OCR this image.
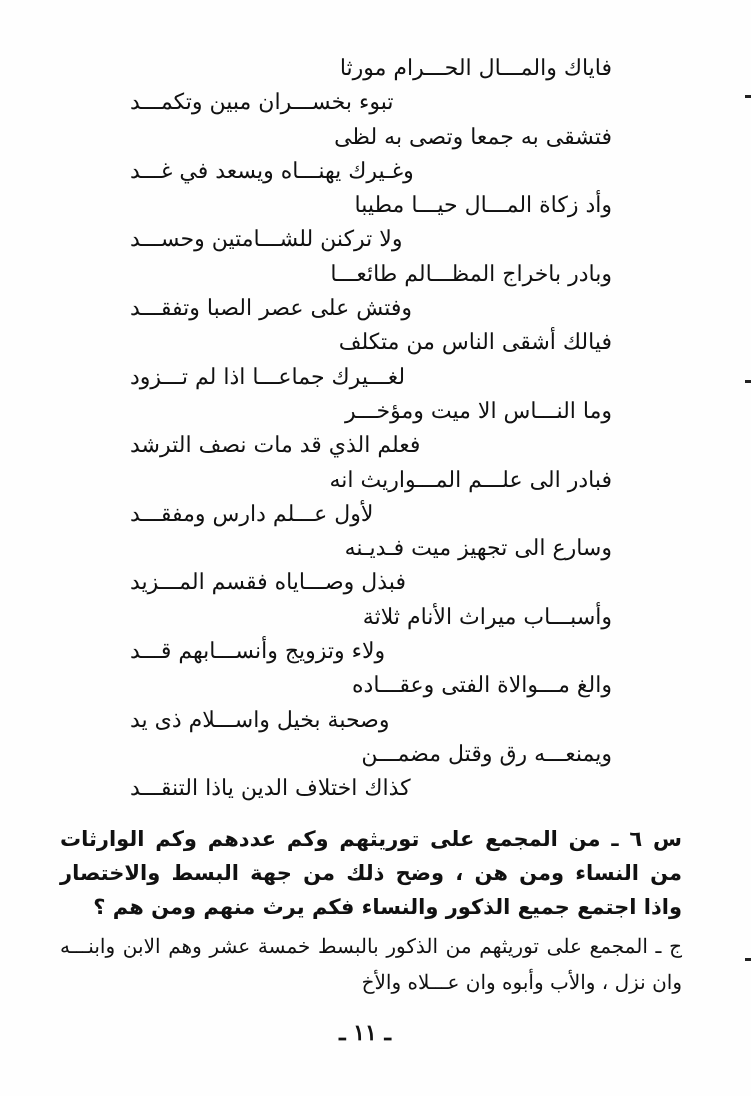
فاياك والمـــال الحـــرام مورثا
تبوء بخســـران مبين وتكمـــد
فتشقى به جمعا وتصى به لظى
وغـيرك يهنـــاه ويسعد في غـــد
وأد زكاة المـــال حيـــا مطيبا
ولا تركنن للشـــامتين وحســـد
وبادر باخراج المظـــالم طائعـــا
وفتش على عصر الصبا وتفقـــد
فيالك أشقى الناس من متكلف
لغـــيرك جماعـــا اذا لم تـــزود
وما النـــاس الا ميت ومؤخـــر
فعلم الذي قد مات نصف الترشد
فبادر الى علـــم المـــواريث انه
لأول عـــلم دارس ومفقـــد
وسارع الى تجهيز ميت فـديـنه
فبذل وصـــاياه فقسم المـــزيد
وأسبـــاب ميراث الأنام ثلاثة
ولاء وتزويج وأنســـابهم قـــد
والغ مـــوالاة الفتى وعقـــاده
وصحبة بخيل واســـلام ذى يد
ويمنعـــه رق وقتل مضمـــن
كذاك اختلاف الدين ياذا التنقـــد
س ٦ ـ من المجمع على توريثهم وكم عددهم وكم الوارثات من النساء ومن هن ، وضح ذلك من جهة البسط والاختصار واذا اجتمع جميع الذكور والنساء فكم يرث منهم ومن هم ؟
ج ـ المجمع على توريثهم من الذكور بالبسط خمسة عشر وهم الابن وابنـــه وان نزل ، والأب وأبوه وان عـــلاه والأخ
ـ ١١ ـ
